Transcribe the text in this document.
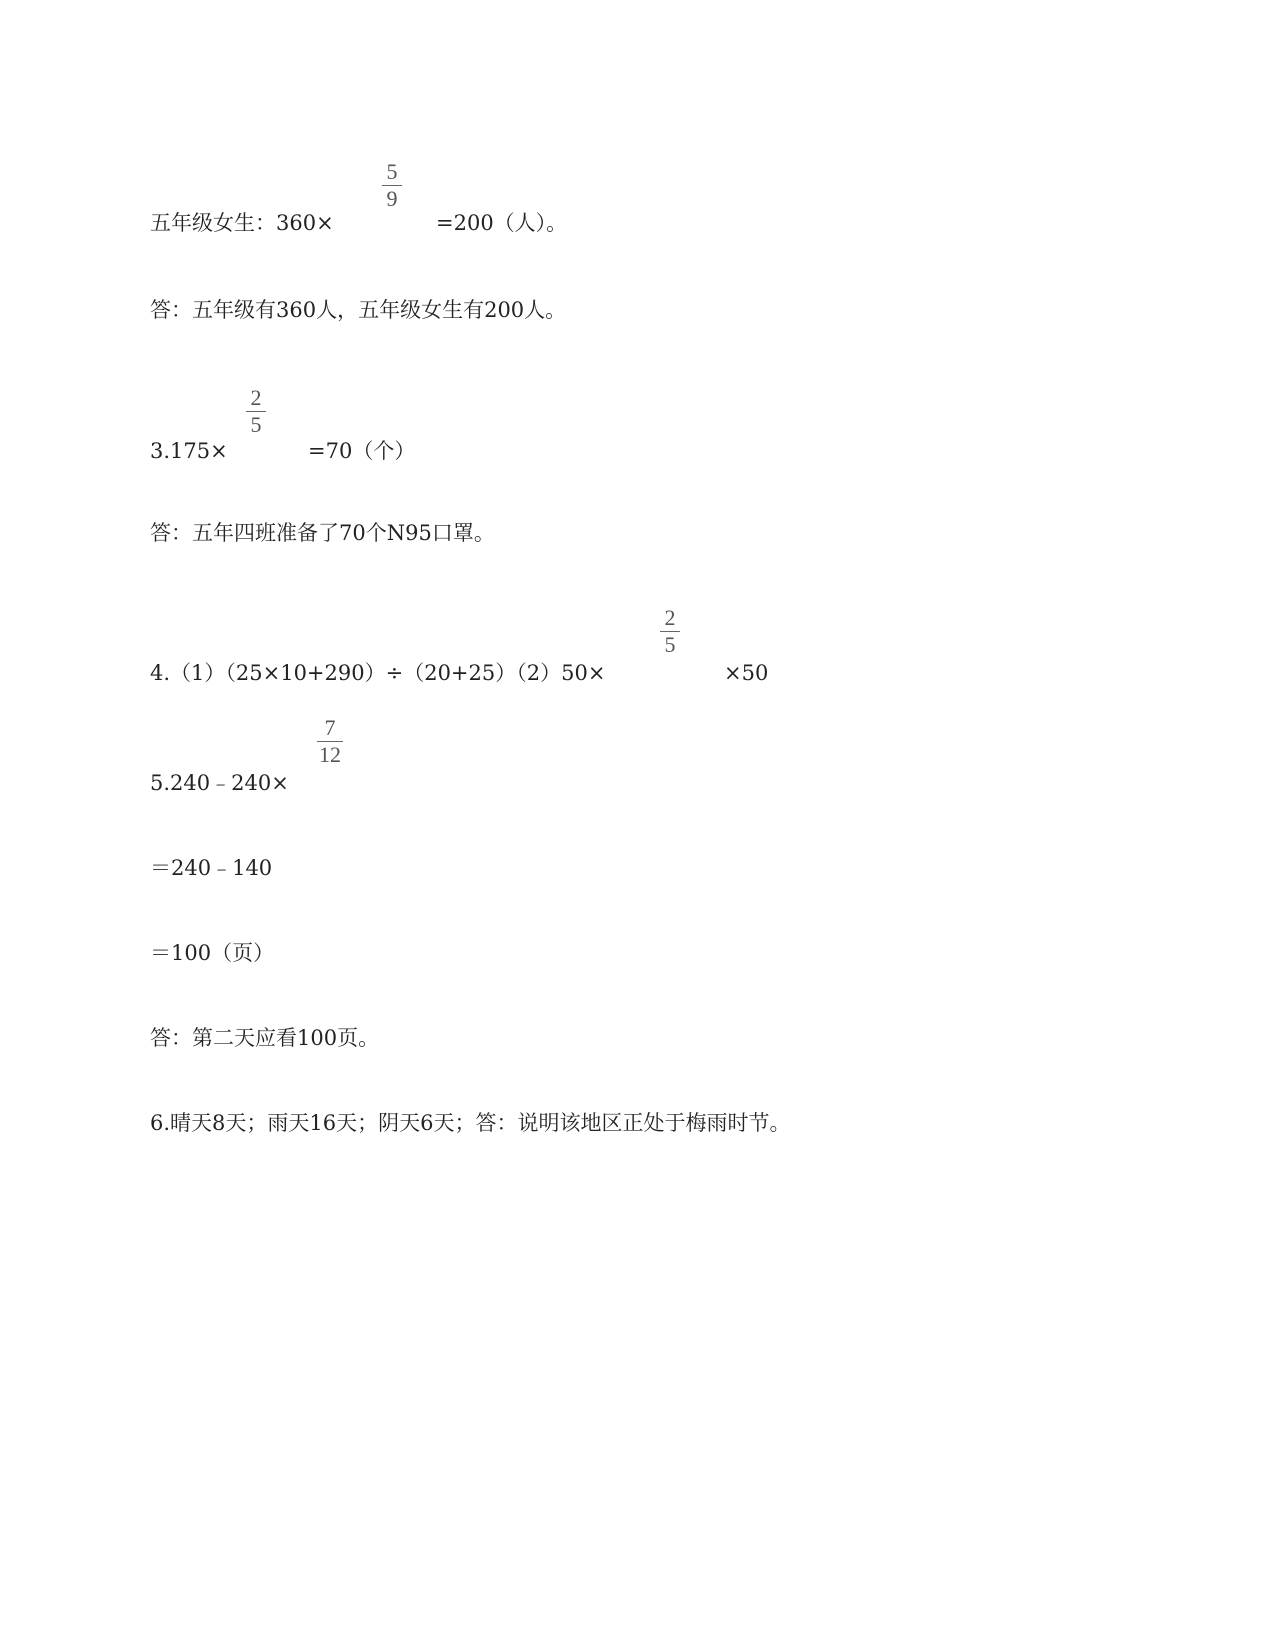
五年级女生：360×
5
9
=200（人）。
答：五年级有360人，五年级女生有200人。
3.175×
2
5
=70（个）
答：五年四班准备了70个N95口罩。
4.（1）（25×10+290）÷（20+25）（2）50×
2
5
×50
5.240﹣240×
7
12
＝240﹣140
＝100（页）
答：第二天应看100页。
6.晴天8天；雨天16天；阴天6天；答：说明该地区正处于梅雨时节。
